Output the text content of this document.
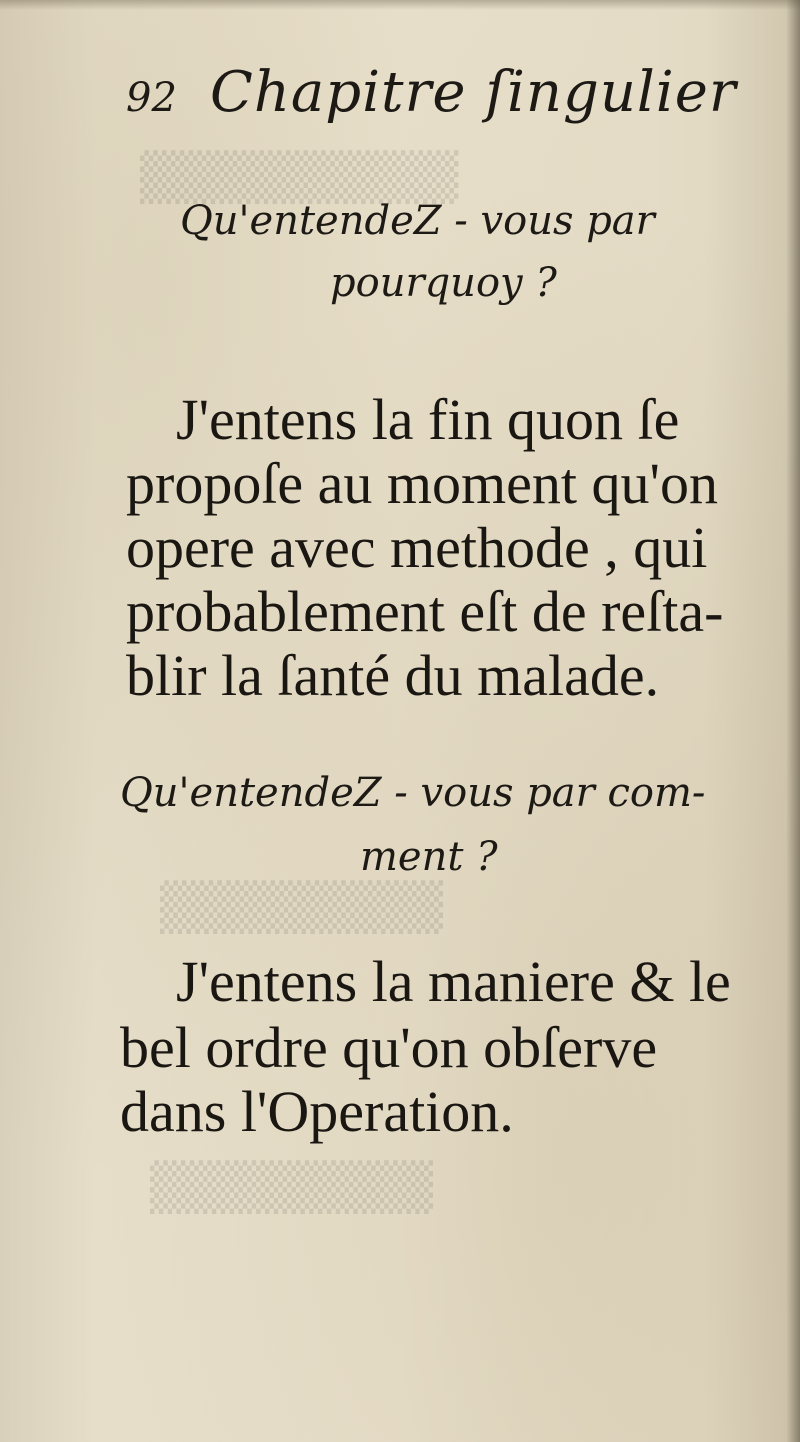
▒▒▒▒▒▒▒▒▒
▒▒▒▒▒▒▒▒
▒▒▒▒▒▒▒▒
92 Chapitre ſingulier
Qu'entendeZ - vous par
pourquoy ?
J'entens la fin quon ſe
propoſe au moment qu'on
opere avec methode , qui
probablement eſt de reſta-
blir la ſanté du malade.
Qu'entendeZ - vous par com-
ment ?
J'entens la maniere & le
bel ordre qu'on obſerve
dans l'Operation.
